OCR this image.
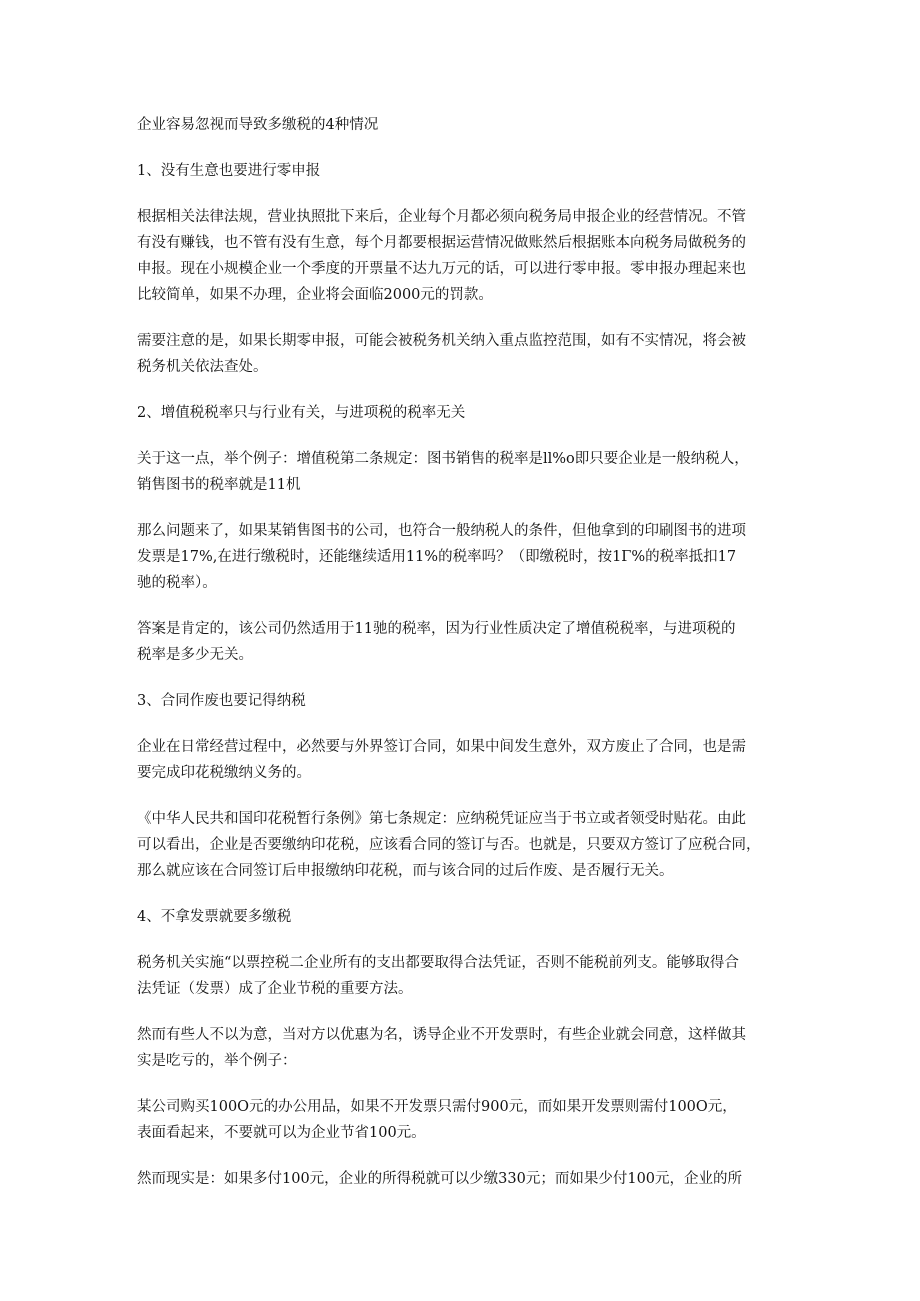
企业容易忽视而导致多缴税的4种情况
1、没有生意也要进行零申报
根据相关法律法规，营业执照批下来后，企业每个月都必须向税务局申报企业的经营情况。不管
有没有赚钱，也不管有没有生意，每个月都要根据运营情况做账然后根据账本向税务局做税务的
申报。现在小规模企业一个季度的开票量不达九万元的话，可以进行零申报。零申报办理起来也
比较简单，如果不办理，企业将会面临2000元的罚款。
需要注意的是，如果长期零申报，可能会被税务机关纳入重点监控范围，如有不实情况，将会被
税务机关依法查处。
2、增值税税率只与行业有关，与进项税的税率无关
关于这一点，举个例子：增值税第二条规定：图书销售的税率是ll%o即只要企业是一般纳税人，
销售图书的税率就是11机
那么问题来了，如果某销售图书的公司，也符合一般纳税人的条件，但他拿到的印刷图书的进项
发票是17%,在进行缴税时，还能继续适用11%的税率吗？（即缴税时，按1Γ%的税率抵扣17
驰的税率）。
答案是肯定的，该公司仍然适用于11驰的税率，因为行业性质决定了增值税税率，与进项税的
税率是多少无关。
3、合同作废也要记得纳税
企业在日常经营过程中，必然要与外界签订合同，如果中间发生意外，双方废止了合同，也是需
要完成印花税缴纳义务的。
《中华人民共和国印花税暂行条例》第七条规定：应纳税凭证应当于书立或者领受时贴花。由此
可以看出，企业是否要缴纳印花税，应该看合同的签订与否。也就是，只要双方签订了应税合同，
那么就应该在合同签订后申报缴纳印花税，而与该合同的过后作废、是否履行无关。
4、不拿发票就要多缴税
税务机关实施“以票控税二企业所有的支出都要取得合法凭证，否则不能税前列支。能够取得合
法凭证（发票）成了企业节税的重要方法。
然而有些人不以为意，当对方以优惠为名，诱导企业不开发票时，有些企业就会同意，这样做其
实是吃亏的，举个例子：
某公司购买100O元的办公用品，如果不开发票只需付900元，而如果开发票则需付100O元，
表面看起来，不要就可以为企业节省100元。
然而现实是：如果多付100元，企业的所得税就可以少缴330元；而如果少付100元，企业的所
